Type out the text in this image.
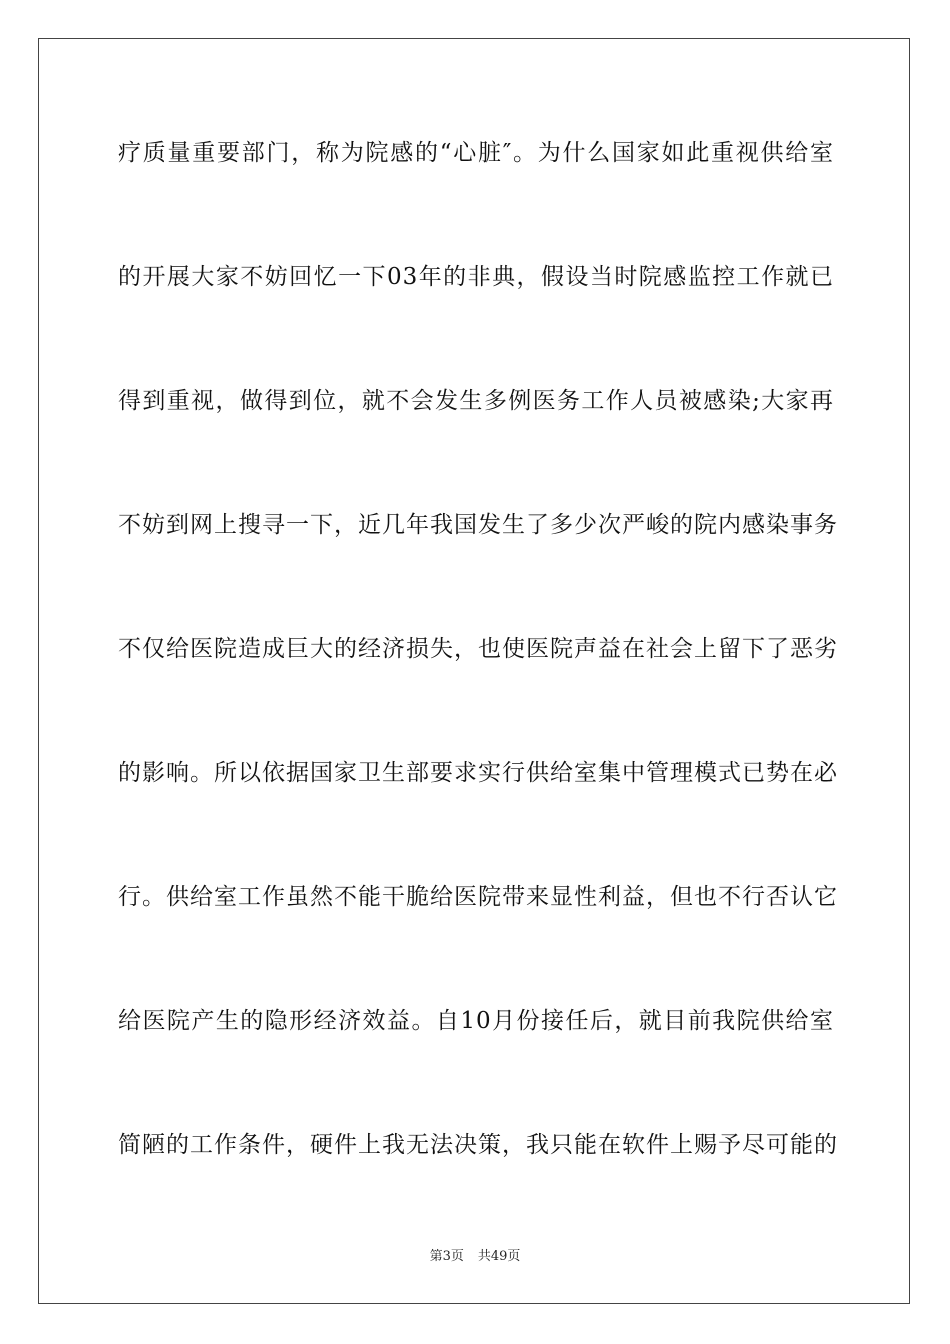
疗质量重要部门，称为院感的“心脏″。为什么国家如此重视供给室
的开展大家不妨回忆一下03年的非典，假设当时院感监控工作就已
得到重视，做得到位，就不会发生多例医务工作人员被感染;大家再
不妨到网上搜寻一下，近几年我国发生了多少次严峻的院内感染事务
不仅给医院造成巨大的经济损失，也使医院声益在社会上留下了恶劣
的影响。所以依据国家卫生部要求实行供给室集中管理模式已势在必
行。供给室工作虽然不能干脆给医院带来显性利益，但也不行否认它
给医院产生的隐形经济效益。自10月份接任后，就目前我院供给室
简陋的工作条件，硬件上我无法决策，我只能在软件上赐予尽可能的
第3页 共49页
